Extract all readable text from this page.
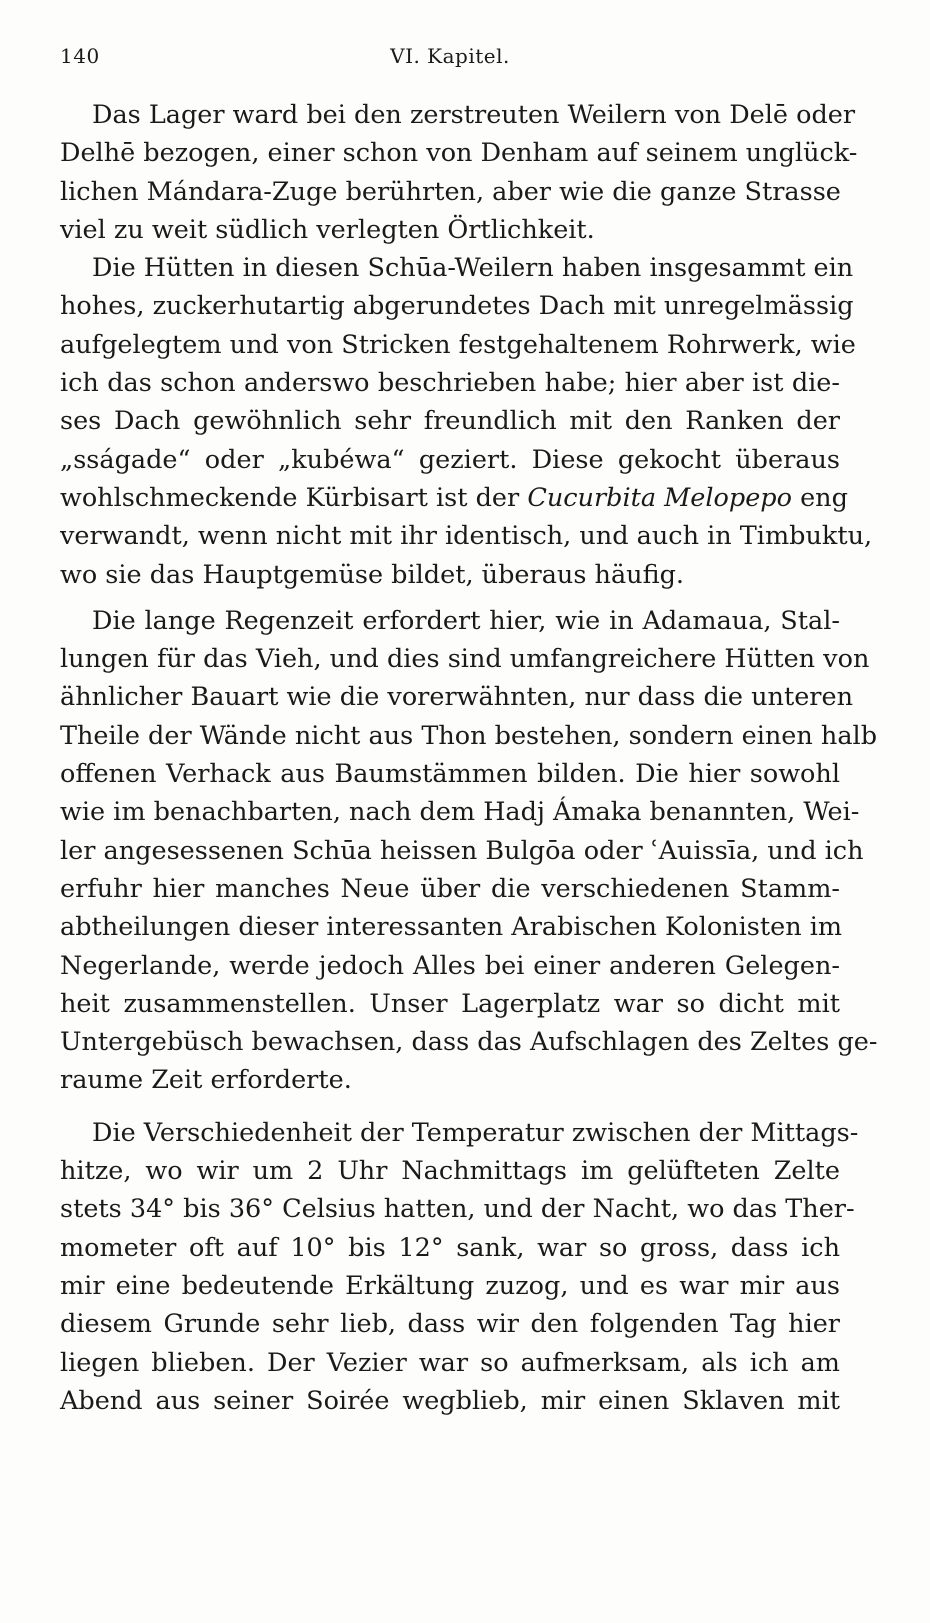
140	VI. Kapitel.
Das Lager ward bei den zerstreuten Weilern von Delē oder
Delhē bezogen, einer schon von Denham auf seinem unglück-
lichen Mándara-Zuge berührten, aber wie die ganze Strasse
viel zu weit südlich verlegten Örtlichkeit.
Die Hütten in diesen Schūa-Weilern haben insgesammt ein
hohes, zuckerhutartig abgerundetes Dach mit unregelmässig
aufgelegtem und von Stricken festgehaltenem Rohrwerk, wie
ich das schon anderswo beschrieben habe; hier aber ist die-
ses Dach gewöhnlich sehr freundlich mit den Ranken der
„sságade“ oder „kubéwa“ geziert. Diese gekocht überaus
wohlschmeckende Kürbisart ist der Cucurbita Melopepo eng
verwandt, wenn nicht mit ihr identisch, und auch in Timbuktu,
wo sie das Hauptgemüse bildet, überaus häufig.
Die lange Regenzeit erfordert hier, wie in Adamaua, Stal-
lungen für das Vieh, und dies sind umfangreichere Hütten von
ähnlicher Bauart wie die vorerwähnten, nur dass die unteren
Theile der Wände nicht aus Thon bestehen, sondern einen halb
offenen Verhack aus Baumstämmen bilden. Die hier sowohl
wie im benachbarten, nach dem Hadj Ámaka benannten, Wei-
ler angesessenen Schūa heissen Bulgōa oder ʿAuissīa, und ich
erfuhr hier manches Neue über die verschiedenen Stamm-
abtheilungen dieser interessanten Arabischen Kolonisten im
Negerlande, werde jedoch Alles bei einer anderen Gelegen-
heit zusammenstellen. Unser Lagerplatz war so dicht mit
Untergebüsch bewachsen, dass das Aufschlagen des Zeltes ge-
raume Zeit erforderte.
Die Verschiedenheit der Temperatur zwischen der Mittags-
hitze, wo wir um 2 Uhr Nachmittags im gelüfteten Zelte
stets 34° bis 36° Celsius hatten, und der Nacht, wo das Ther-
mometer oft auf 10° bis 12° sank, war so gross, dass ich
mir eine bedeutende Erkältung zuzog, und es war mir aus
diesem Grunde sehr lieb, dass wir den folgenden Tag hier
liegen blieben. Der Vezier war so aufmerksam, als ich am
Abend aus seiner Soirée wegblieb, mir einen Sklaven mit
